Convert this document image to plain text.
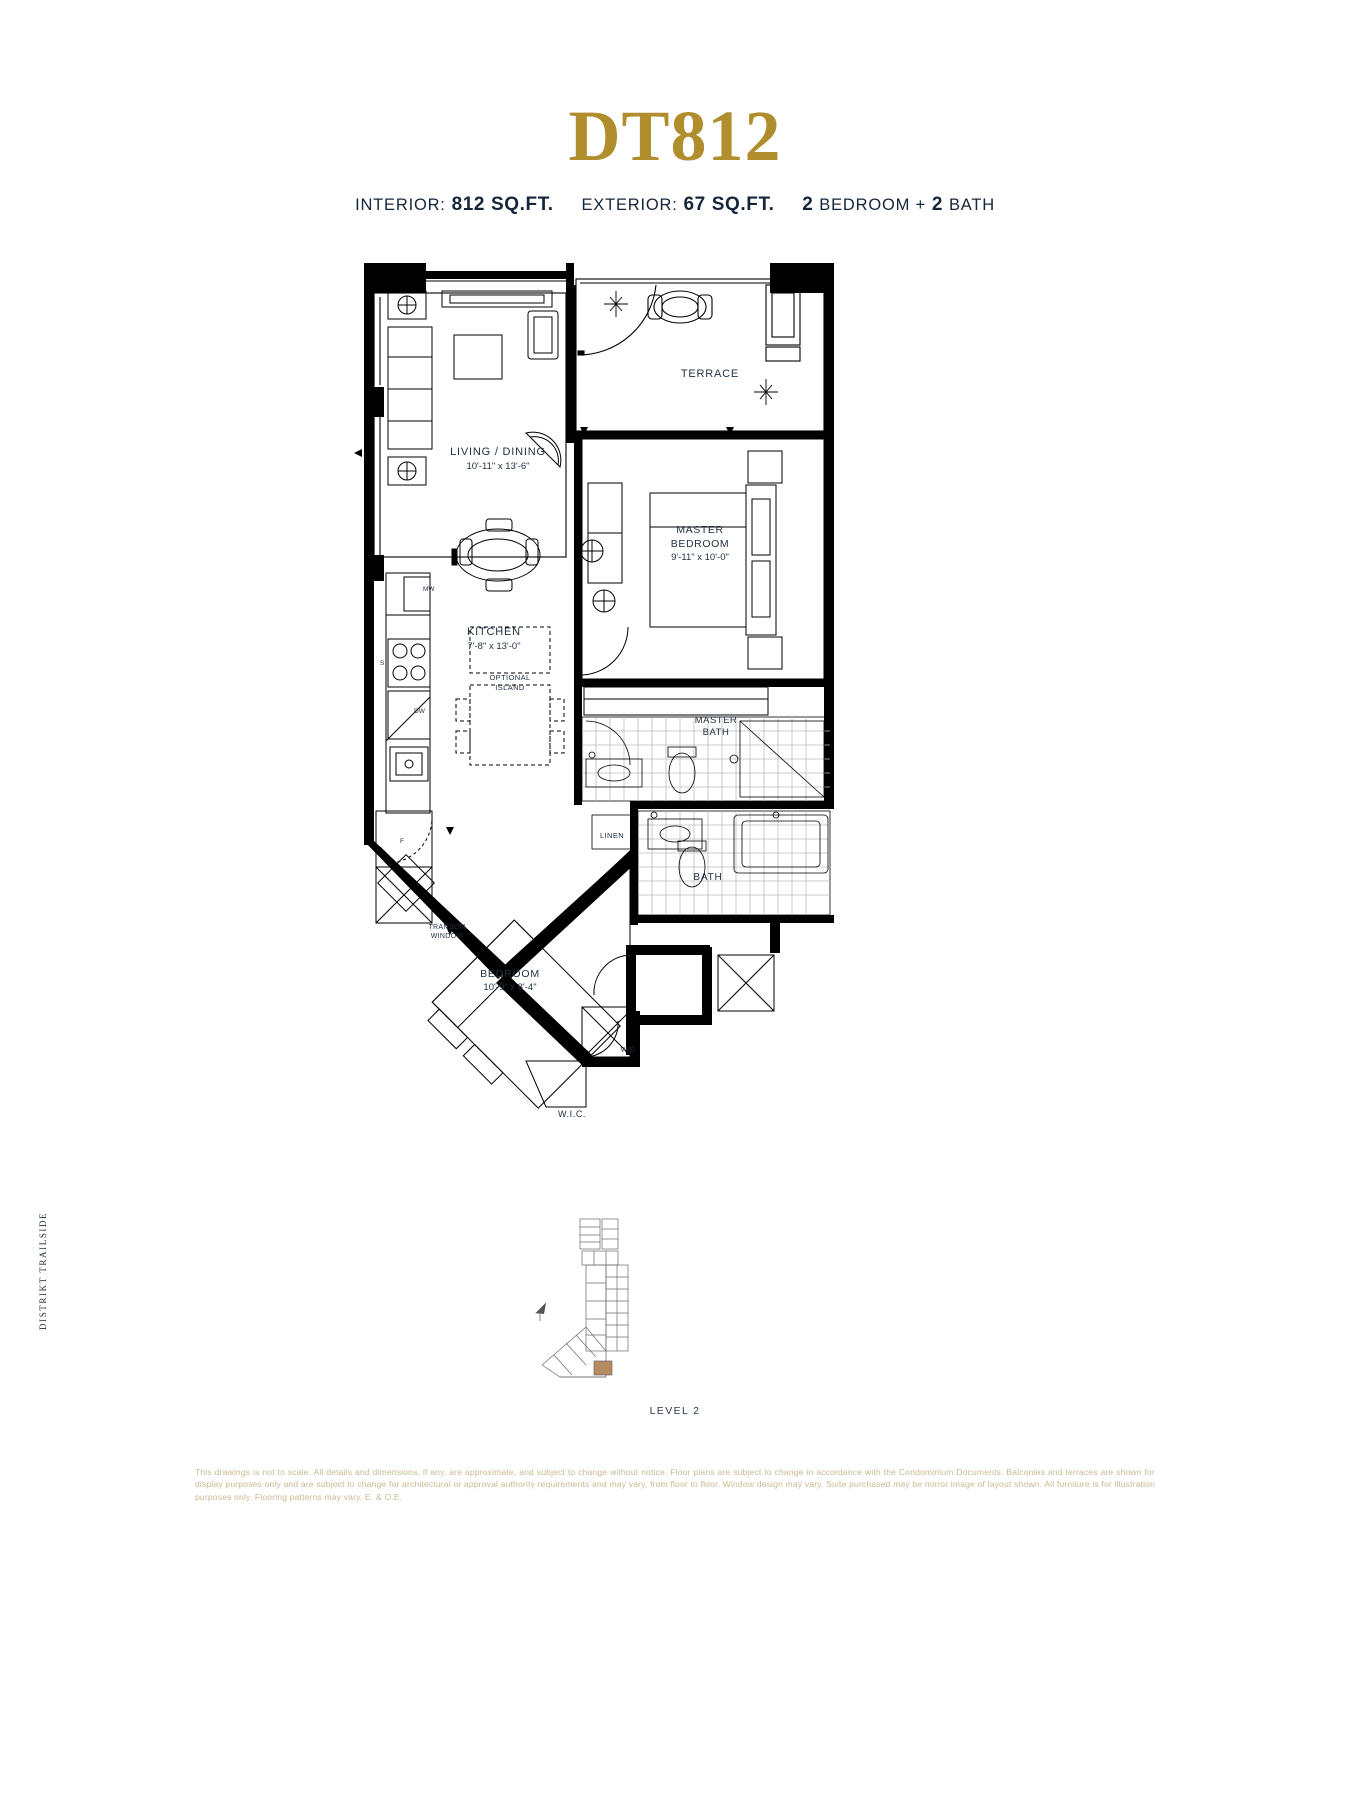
DT812
INTERIOR: 812 SQ.FT. EXTERIOR: 67 SQ.FT. 2 BEDROOM + 2 BATH
LIVING / DINING
10'-11" x 13'-6"
TERRACE
MASTER
BEDROOM
9'-11" x 10'-0"
KITCHEN
7'-8" x 13'-0"
OPTIONAL
ISLAND
MASTER
BATH
BATH
LINEN
BEDROOM
10'-9" x 8'-4"
W.I.C.
W/D
TRANSOM
WINDOW
MW
S
DW
F
LEVEL 2
This drawings is not to scale. All details and dimensions, if any, are approximate, and subject to change without notice. Floor plans are subject to change in accordance with the Condominium Documents. Balconies and terraces are shown for display purposes only and are subject to change for architectural or approval authority requirements and may vary, from floor to floor. Window design may vary. Suite purchased may be mirror image of layout shown. All furniture is for illustration purposes only. Flooring patterns may vary. E. & O.E.
DISTRIKT TRAILSIDE
